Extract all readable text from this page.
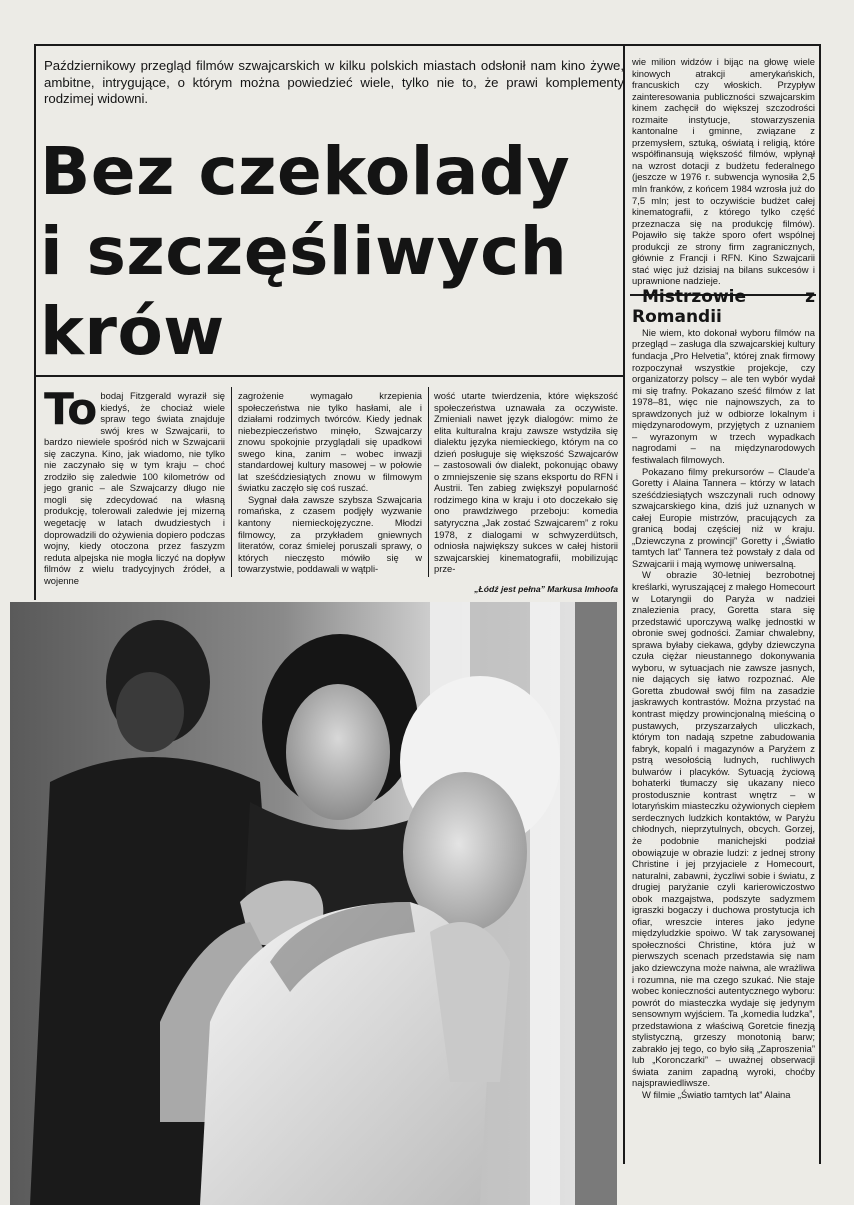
Październikowy przegląd filmów szwajcarskich w kilku polskich miastach odsłonił nam kino żywe, ambitne, intrygujące, o którym można powiedzieć wiele, tylko nie to, że prawi komplementy rodzimej widowni.

Bez czekolady
i szczęśliwych
krów

To bodaj Fitzgerald wyraził się kiedyś, że chociaż wiele spraw tego świata znajduje swój kres w Szwajcarii, to bardzo niewiele spośród nich w Szwajcarii się zaczyna. Kino, jak wiadomo, nie tylko nie zaczynało się w tym kraju – choć zrodziło się zaledwie 100 kilometrów od jego granic – ale Szwajcarzy długo nie mogli się zdecydować na własną produkcję, tolerowali zaledwie jej mizerną wegetację w latach dwudziestych i doprowadzili do ożywienia dopiero podczas wojny, kiedy otoczona przez faszyzm reduta alpejska nie mogła liczyć na dopływ filmów z wielu tradycyjnych źródeł, a wojenne

zagrożenie wymagało krzepienia społeczeństwa nie tylko hasłami, ale i działami rodzimych twórców. Kiedy jednak niebezpieczeństwo minęło, Szwajcarzy znowu spokojnie przyglądali się upadkowi swego kina, zanim – wobec inwazji standardowej kultury masowej – w połowie lat sześćdziesiątych znowu w filmowym światku zaczęło się coś ruszać.

Sygnał dała zawsze szybsza Szwajcaria romańska, z czasem podjęły wyzwanie kantony niemieckojęzyczne. Młodzi filmowcy, za przykładem gniewnych literatów, coraz śmielej poruszali sprawy, o których nieczęsto mówiło się w towarzystwie, poddawali w wątpli-

wość utarte twierdzenia, które większość społeczeństwa uznawała za oczywiste. Zmieniali nawet język dialogów: mimo że elita kulturalna kraju zawsze wstydziła się dialektu języka niemieckiego, którym na co dzień posługuje się większość Szwajcarów – zastosowali ów dialekt, pokonując obawy o zmniejszenie się szans eksportu do RFN i Austrii. Ten zabieg zwiększył popularność rodzimego kina w kraju i oto doczekało się ono prawdziwego przeboju: komedia satyryczna „Jak zostać Szwajcarem” z roku 1978, z dialogami w schwyzerdütsch, odniosła największy sukces w całej historii szwajcarskiej kinematografii, mobilizując prze-

„Łódź jest pełna” Markusa Imhoofa

wie milion widzów i bijąc na głowę wiele kinowych atrakcji amerykańskich, francuskich czy włoskich. Przypływ zainteresowania publiczności szwajcarskim kinem zachęcił do większej szczodrości rozmaite instytucje, stowarzyszenia kantonalne i gminne, związane z przemysłem, sztuką, oświatą i religią, które współfinansują większość filmów, wpłynął na wzrost dotacji z budżetu federalnego (jeszcze w 1976 r. subwencja wynosiła 2,5 mln franków, z końcem 1984 wzrosła już do 7,5 mln; jest to oczywiście budżet całej kinematografii, z którego tylko część przeznacza się na produkcję filmów). Pojawiło się także sporo ofert wspólnej produkcji ze strony firm zagranicznych, głównie z Francji i RFN. Kino Szwajcarii stać więc już dzisiaj na bilans sukcesów i uprawnione nadzieje.

Mistrzowie z Romandii

Nie wiem, kto dokonał wyboru filmów na przegląd – zasługa dla szwajcarskiej kultury fundacja „Pro Helvetia”, której znak firmowy rozpoczynał wszystkie projekcje, czy organizatorzy polscy – ale ten wybór wydał mi się trafny. Pokazano sześć filmów z lat 1978–81, więc nie najnowszych, za to sprawdzonych już w odbiorze lokalnym i międzynarodowym, przyjętych z uznaniem – wyrazonym w trzech wypadkach nagrodami – na międzynarodowych festiwalach filmowych.

Pokazano filmy prekursorów – Claude'a Goretty i Alaina Tannera – którzy w latach sześćdziesiątych wszczynali ruch odnowy szwajcarskiego kina, dziś już uznanych w całej Europie mistrzów, pracujących za granicą bodaj częściej niż w kraju. „Dziewczyna z prowincji” Goretty i „Światło tamtych lat” Tannera też powstały z dala od Szwajcarii i mają wymowę uniwersalną.

W obrazie 30-letniej bezrobotnej kreślarki, wyruszającej z małego Homecourt w Lotaryngii do Paryża w nadziei znalezienia pracy, Goretta stara się przedstawić uporczywą walkę jednostki w obronie swej godności. Zamiar chwalebny, sprawa byłaby ciekawa, gdyby dziewczyna czuła ciężar nieustannego dokonywania wyboru, w sytuacjach nie zawsze jasnych, nie dających się łatwo rozpoznać. Ale Goretta zbudował swój film na zasadzie jaskrawych kontrastów. Można przystać na kontrast między prowincjonalną mieściną o pustawych, przyszarzałych uliczkach, którym ton nadają szpetne zabudowania fabryk, kopalń i magazynów a Paryżem z pstrą wesołością ludnych, ruchliwych bulwarów i placyków. Sytuacją życiową bohaterki tłumaczy się ukazany nieco prostodusznie kontrast wnętrz – w lotaryńskim miasteczku ożywionych ciepłem serdecznych ludzkich kontaktów, w Paryżu chłodnych, nieprzytulnych, obcych. Gorzej, że podobnie manichejski podział obowiązuje w obrazie ludzi: z jednej strony Christine i jej przyjaciele z Homecourt, naturalni, zabawni, życzliwi sobie i światu, z drugiej paryżanie czyli karierowiczostwo obok mazgajstwa, podszyte sadyzmem igraszki bogaczy i duchowa prostytucja ich ofiar, wreszcie interes jako jedyne międzyludzkie spoiwo. W tak zarysowanej społeczności Christine, która już w pierwszych scenach przedstawia się nam jako dziewczyna może naiwna, ale wrażliwa i rozumna, nie ma czego szukać. Nie staje wobec konieczności autentycznego wyboru: powrót do miasteczka wydaje się jedynym sensownym wyjściem. Ta „komedia ludzka”, przedstawiona z właściwą Goretcie finezją stylistyczną, grzeszy monotonią barw; zabrakło jej tego, co było siłą „Zaproszenia” lub „Koronczarki” – uważnej obserwacji świata zanim zapadną wyroki, choćby najsprawiedliwsze.

W filmie „Światło tamtych lat” Alaina
